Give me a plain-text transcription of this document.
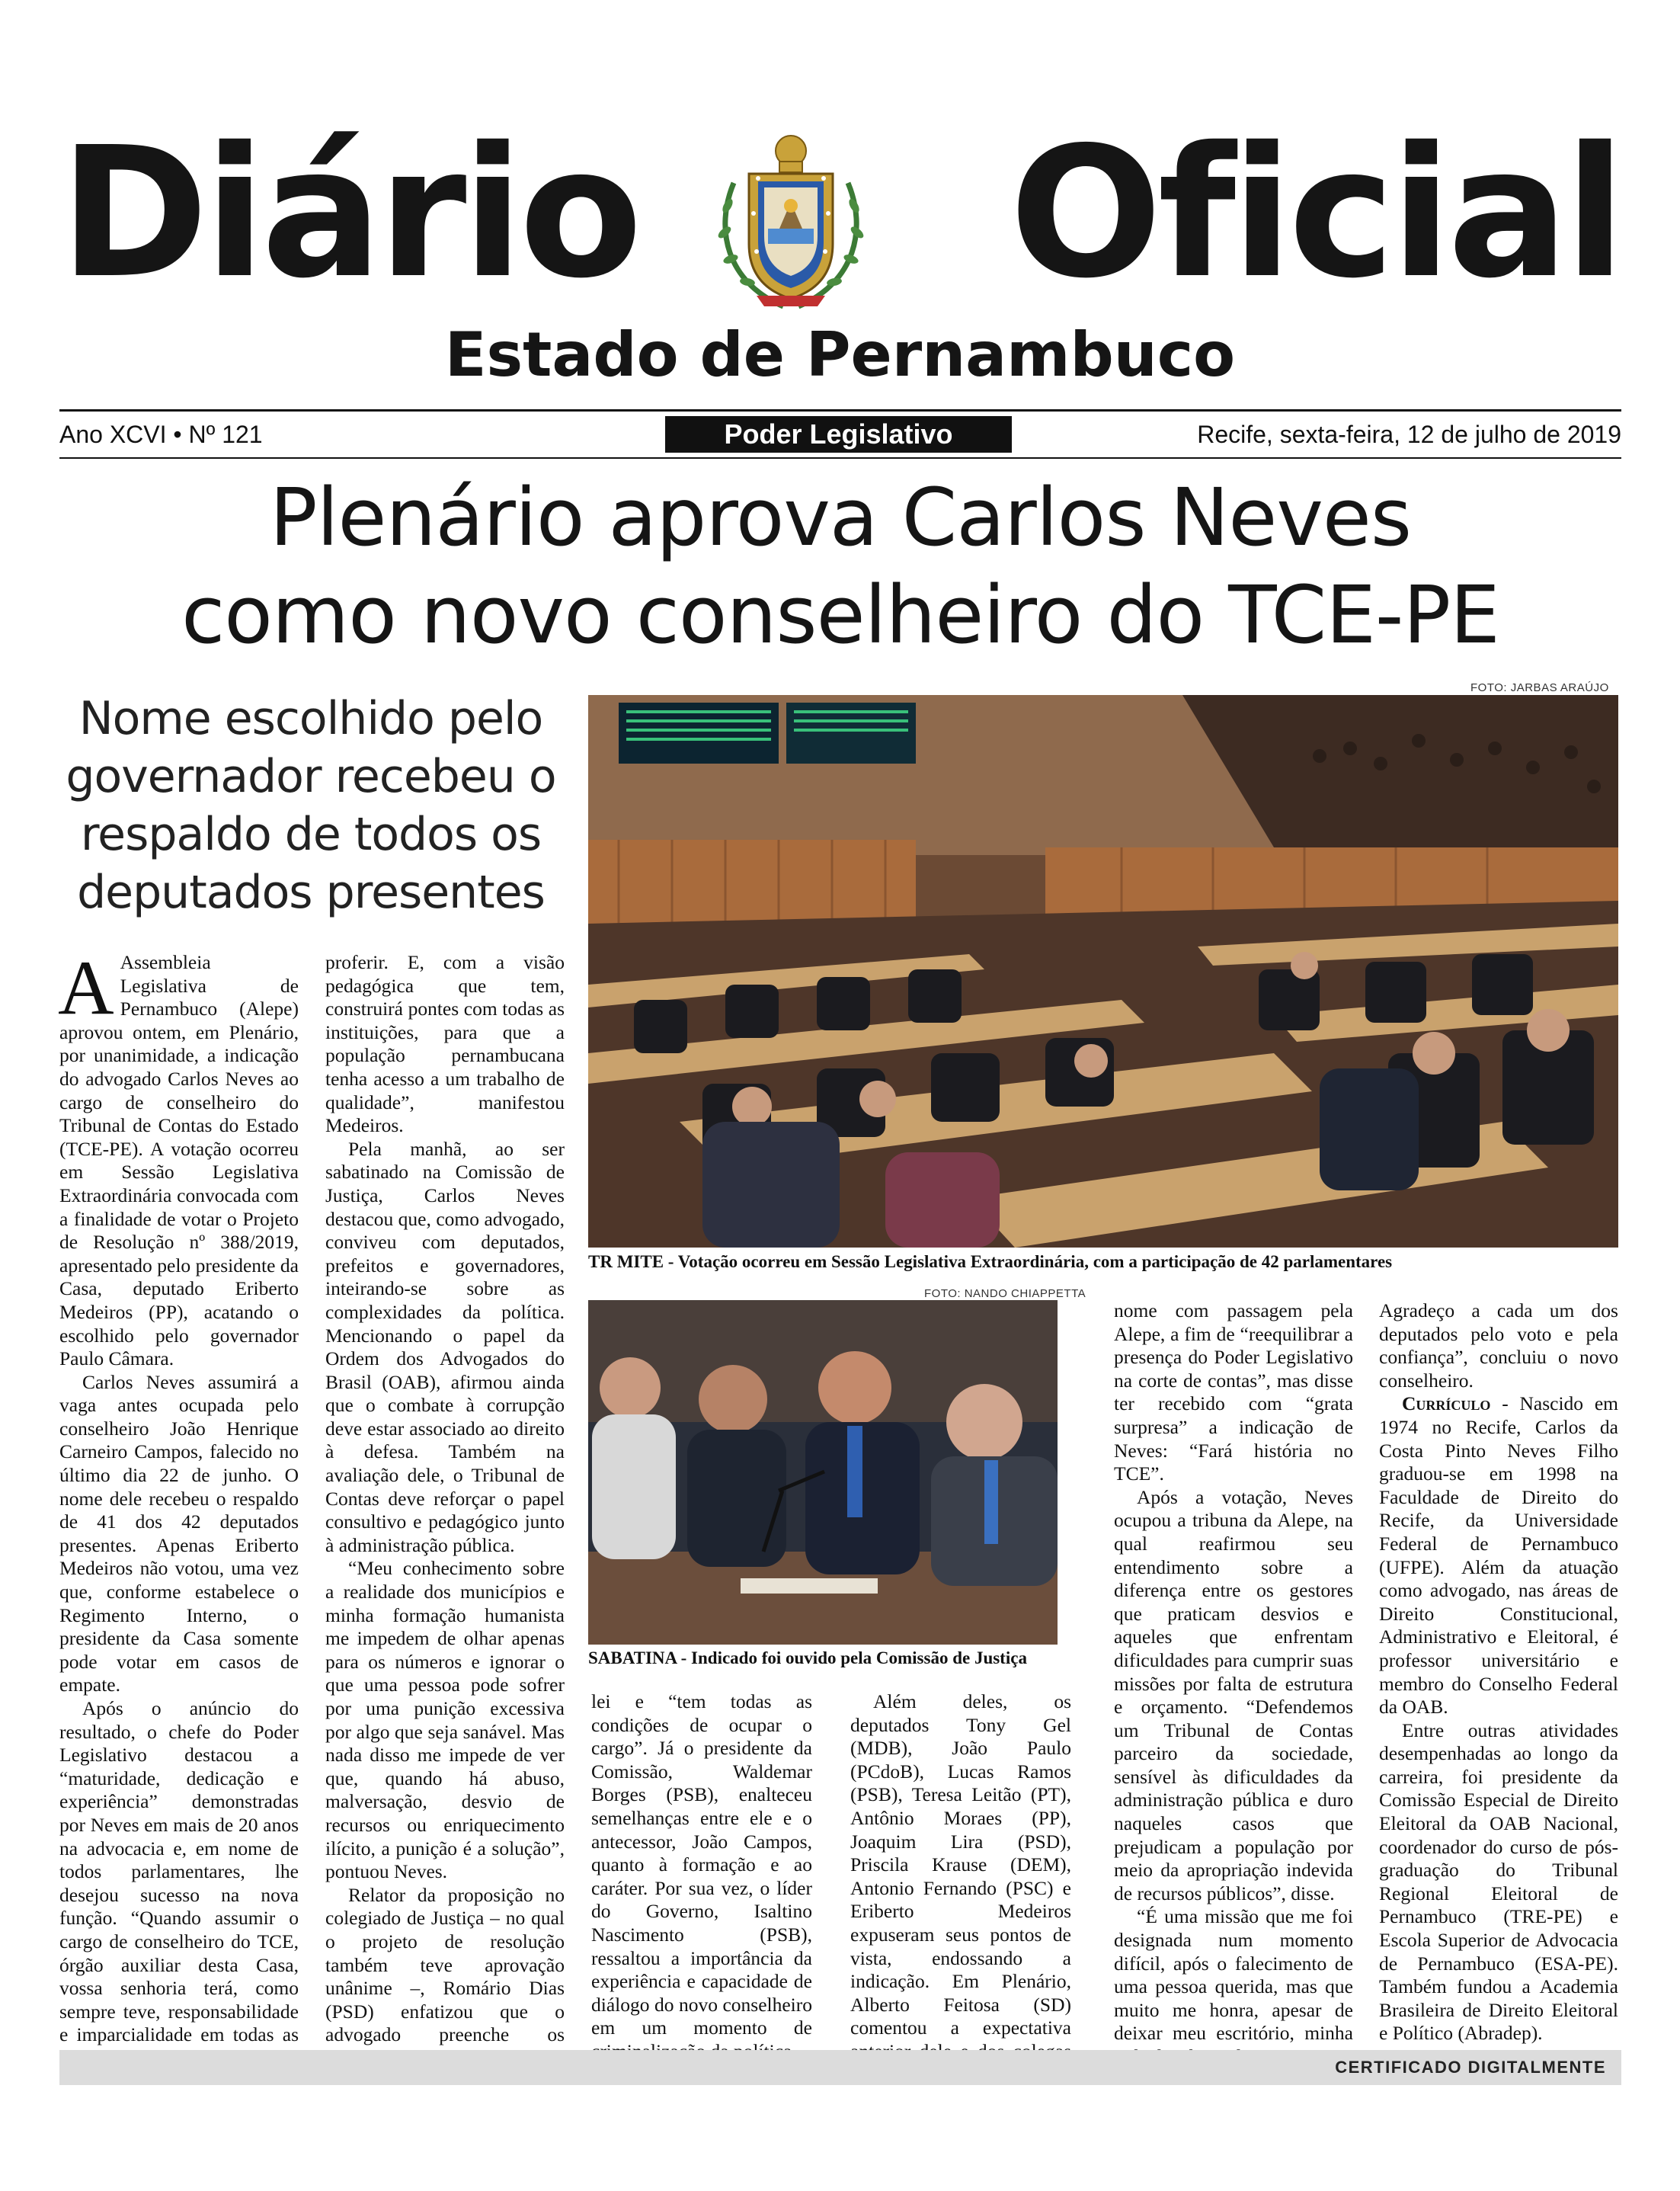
Diário Oficial
Estado de Pernambuco
Ano XCVI • Nº 121	Poder Legislativo	Recife, sexta-feira, 12 de julho de 2019
Plenário aprova Carlos Neves
como novo conselheiro do TCE-PE
Nome escolhido pelo governador recebeu o respaldo de todos os deputados presentes
FOTO: JARBAS ARAÚJO
TR MITE - Votação ocorreu em Sessão Legislativa Extraordinária, com a participação de 42 parlamentares
FOTO: NANDO CHIAPPETTA
SABATINA - Indicado foi ouvido pela Comissão de Justiça

A Assembleia Legislativa de Pernambuco (Alepe) aprovou ontem, em Plenário, por unanimidade, a indicação do advogado Carlos Neves ao cargo de conselheiro do Tribunal de Contas do Estado (TCE-PE). A votação ocorreu em Sessão Legislativa Extraordinária convocada com a finalidade de votar o Projeto de Resolução nº 388/2019, apresentado pelo presidente da Casa, deputado Eriberto Medeiros (PP), acatando o escolhido pelo governador Paulo Câmara.

Carlos Neves assumirá a vaga antes ocupada pelo conselheiro João Henrique Carneiro Campos, falecido no último dia 22 de junho. O nome dele recebeu o respaldo de 41 dos 42 deputados presentes. Apenas Eriberto Medeiros não votou, uma vez que, conforme estabelece o Regimento Interno, o presidente da Casa somente pode votar em casos de empate.

Após o anúncio do resultado, o chefe do Poder Legislativo destacou a “maturidade, dedicação e experiência” demonstradas por Neves em mais de 20 anos na advocacia e, em nome de todos parlamentares, lhe desejou sucesso na nova função. “Quando assumir o cargo de conselheiro do TCE, órgão auxiliar desta Casa, vossa senhoria terá, como sempre teve, responsabilidade e imparcialidade em todas as

proferir. E, com a visão pedagógica que tem, construirá pontes com todas as instituições, para que a população pernambucana tenha acesso a um trabalho de qualidade”, manifestou Medeiros.

Pela manhã, ao ser sabatinado na Comissão de Justiça, Carlos Neves destacou que, como advogado, conviveu com deputados, prefeitos e governadores, inteirando-se sobre as complexidades da política. Mencionando o papel da Ordem dos Advogados do Brasil (OAB), afirmou ainda que o combate à corrupção deve estar associado ao direito à defesa. Também na avaliação dele, o Tribunal de Contas deve reforçar o papel consultivo e pedagógico junto à administração pública.

“Meu conhecimento sobre a realidade dos municípios e minha formação humanista me impedem de olhar apenas para os números e ignorar o que uma pessoa pode sofrer por uma punição excessiva por algo que seja sanável. Mas nada disso me impede de ver que, quando há abuso, malversação, desvio de recursos ou enriquecimento ilícito, a punição é a solução”, pontuou Neves.

Relator da proposição no colegiado de Justiça – no qual o projeto de resolução também teve aprovação unânime –, Romário Dias (PSD) enfatizou que o advogado preenche os

lei e “tem todas as condições de ocupar o cargo”. Já o presidente da Comissão, Waldemar Borges (PSB), enalteceu semelhanças entre ele e o antecessor, João Campos, quanto à formação e ao caráter. Por sua vez, o líder do Governo, Isaltino Nascimento (PSB), ressaltou a importância da experiência e capacidade de diálogo do novo conselheiro em um momento de

Além deles, os deputados Tony Gel (MDB), João Paulo (PCdoB), Lucas Ramos (PSB), Teresa Leitão (PT), Antônio Moraes (PP), Joaquim Lira (PSD), Priscila Krause (DEM), Antonio Fernando (PSC) e Eriberto Medeiros expuseram seus pontos de vista, endossando a indicação. Em Plenário, Alberto Feitosa (SD) comentou a expectativa

nome com passagem pela Alepe, a fim de “reequilibrar a presença do Poder Legislativo na corte de contas”, mas disse ter recebido com “grata surpresa” a indicação de Neves: “Fará história no TCE”.

Após a votação, Neves ocupou a tribuna da Alepe, na qual reafirmou seu entendimento sobre a diferença entre os gestores que praticam desvios e aqueles que enfrentam dificuldades para cumprir suas missões por falta de estrutura e orçamento. “Defendemos um Tribunal de Contas parceiro da sociedade, sensível às dificuldades da administração pública e duro naqueles casos que prejudicam a população por meio da apropriação indevida de recursos públicos”, disse.

“É uma missão que me foi designada num momento difícil, após o falecimento de uma pessoa querida, mas que muito me honra, apesar de deixar meu escritório, minha

Agradeço a cada um dos deputados pelo voto e pela confiança”, concluiu o novo conselheiro.

Currículo - Nascido em 1974 no Recife, Carlos da Costa Pinto Neves Filho graduou-se em 1998 na Faculdade de Direito do Recife, da Universidade Federal de Pernambuco (UFPE). Além da atuação como advogado, nas áreas de Direito Constitucional, Administrativo e Eleitoral, é professor universitário e membro do Conselho Federal da OAB.

Entre outras atividades desempenhadas ao longo da carreira, foi presidente da Comissão Especial de Direito Eleitoral da OAB Nacional, coordenador do curso de pós-graduação do Tribunal Regional Eleitoral de Pernambuco (TRE-PE) e Escola Superior de Advocacia de Pernambuco (ESA-PE). Também fundou a Academia Brasileira de Direito Eleitoral e Político (Abradep).

CERTIFICADO DIGITALMENTE
